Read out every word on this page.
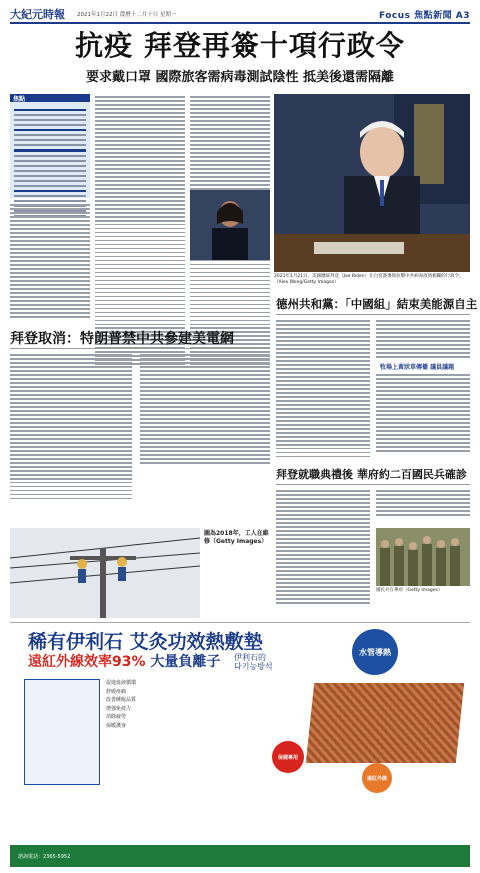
大紀元時報 2021年1月22日 農曆十二月十日 星期一	Focus 焦點新聞 A3
抗疫 拜登再簽十項行政令
要求戴口罩 國際旅客需病毒測試陰性 抵美後還需隔離
焦點
2021年1月21日，美國總統拜登（Joe Biden）在白宮簽署與抗擊中共病毒疫情相關的行政令。（Alex Wong/Getty Images）
拜登取消：特朗普禁中共參建美電網
圖為2018年，工人在維修（Getty Images）
德州共和黨：「中國組」結束美能源自主
牧場上黃狀草傳播 議員議題
拜登就職典禮後 華府約二百國民兵確診
國民兵在華府（Getty Images）
稀有伊利石 艾灸功效熱敷墊
遠紅外線效率93% 大量負離子 伊利石的
다기능방석
水管導熱
保健專用
遠紅外線
促進血液循環
舒緩疼痛
改善睡眠品質
增強免疫力
消除疲勞
保暖護身
諮詢電話：2365-5952
